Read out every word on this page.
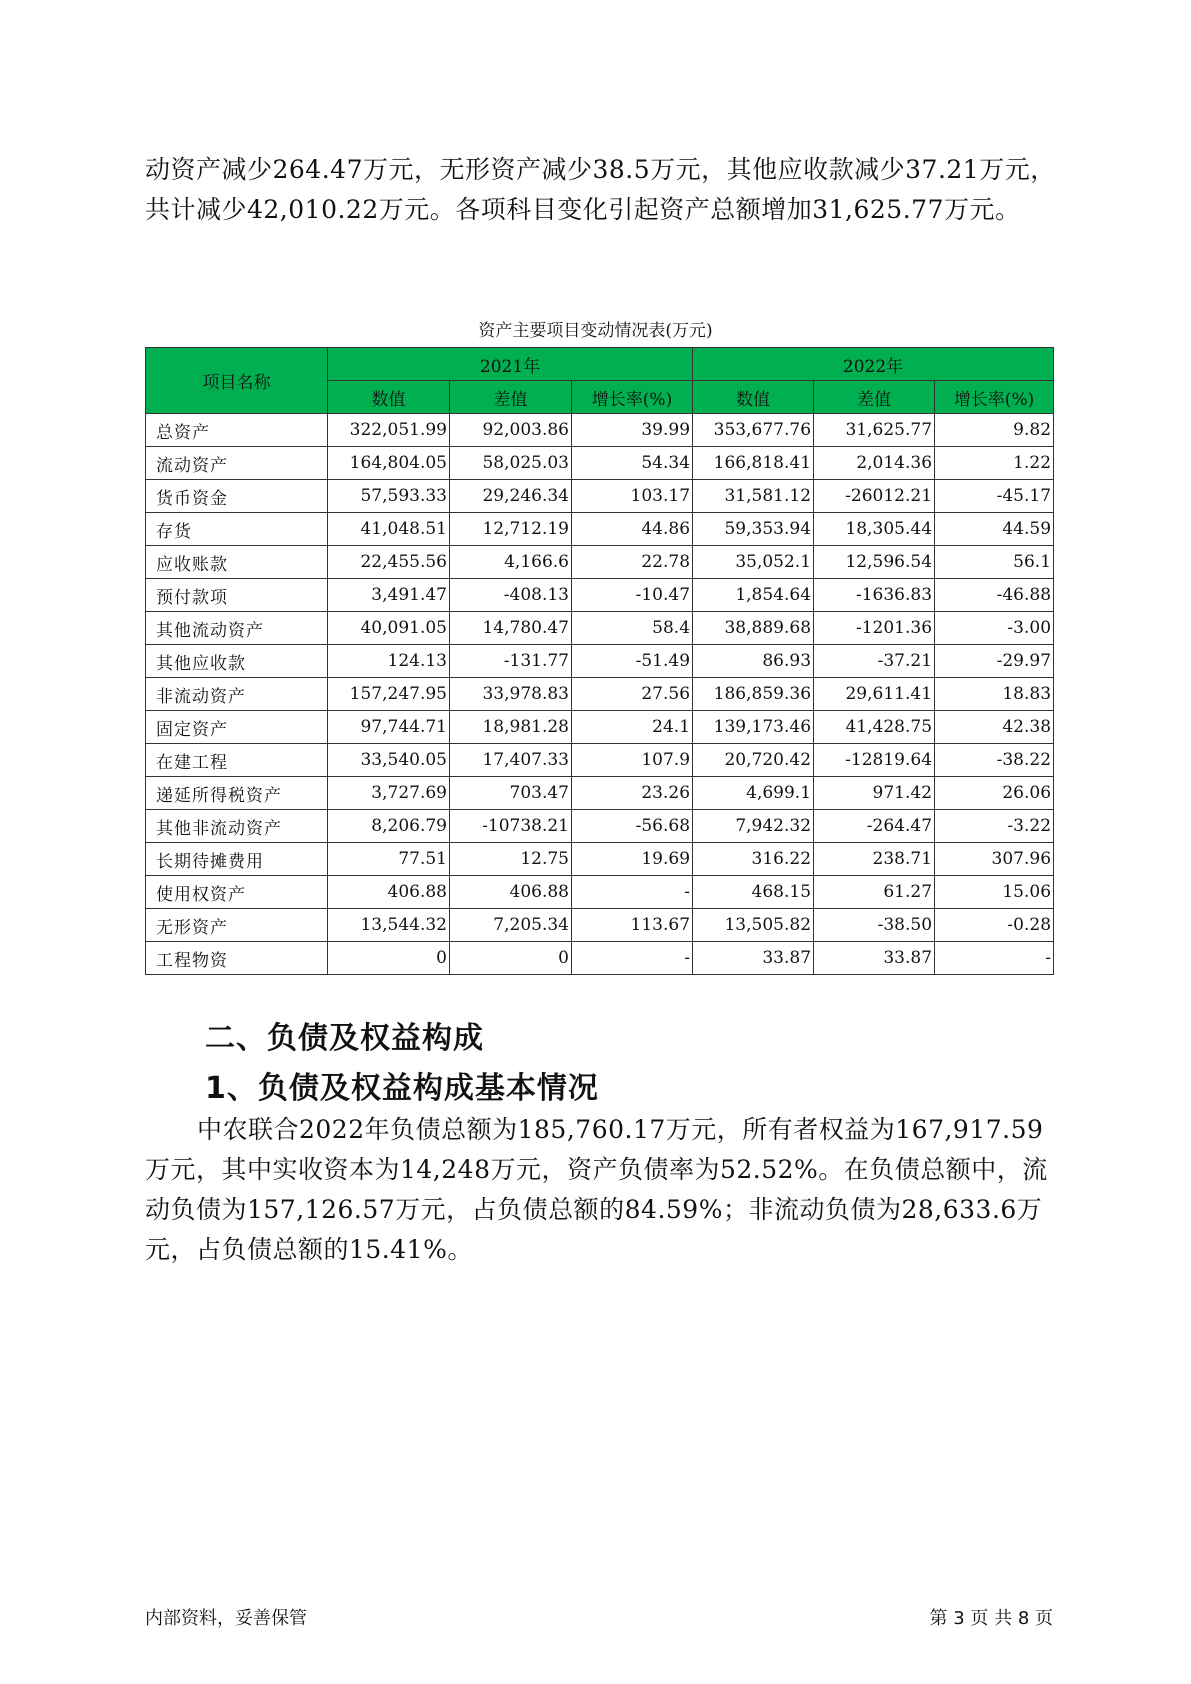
动资产减少264.47万元，无形资产减少38.5万元，其他应收款减少37.21万元，共计减少42,010.22万元。各项科目变化引起资产总额增加31,625.77万元。

资产主要项目变动情况表(万元)
项目名称	2021年			2022年		
	数值	差值	增长率(%)	数值	差值	增长率(%)
总资产	322,051.99	92,003.86	39.99	353,677.76	31,625.77	9.82
流动资产	164,804.05	58,025.03	54.34	166,818.41	2,014.36	1.22
货币资金	57,593.33	29,246.34	103.17	31,581.12	-26012.21	-45.17
存货	41,048.51	12,712.19	44.86	59,353.94	18,305.44	44.59
应收账款	22,455.56	4,166.6	22.78	35,052.1	12,596.54	56.1
预付款项	3,491.47	-408.13	-10.47	1,854.64	-1636.83	-46.88
其他流动资产	40,091.05	14,780.47	58.4	38,889.68	-1201.36	-3.00
其他应收款	124.13	-131.77	-51.49	86.93	-37.21	-29.97
非流动资产	157,247.95	33,978.83	27.56	186,859.36	29,611.41	18.83
固定资产	97,744.71	18,981.28	24.1	139,173.46	41,428.75	42.38
在建工程	33,540.05	17,407.33	107.9	20,720.42	-12819.64	-38.22
递延所得税资产	3,727.69	703.47	23.26	4,699.1	971.42	26.06
其他非流动资产	8,206.79	-10738.21	-56.68	7,942.32	-264.47	-3.22
长期待摊费用	77.51	12.75	19.69	316.22	238.71	307.96
使用权资产	406.88	406.88	-	468.15	61.27	15.06
无形资产	13,544.32	7,205.34	113.67	13,505.82	-38.50	-0.28
工程物资	0	0	-	33.87	33.87	-
二、负债及权益构成
1、负债及权益构成基本情况

中农联合2022年负债总额为185,760.17万元，所有者权益为167,917.59万元，其中实收资本为14,248万元，资产负债率为52.52%。在负债总额中，流动负债为157,126.57万元，占负债总额的84.59%；非流动负债为28,633.6万元，占负债总额的15.41%。

内部资料，妥善保管	第 3 页 共 8 页
